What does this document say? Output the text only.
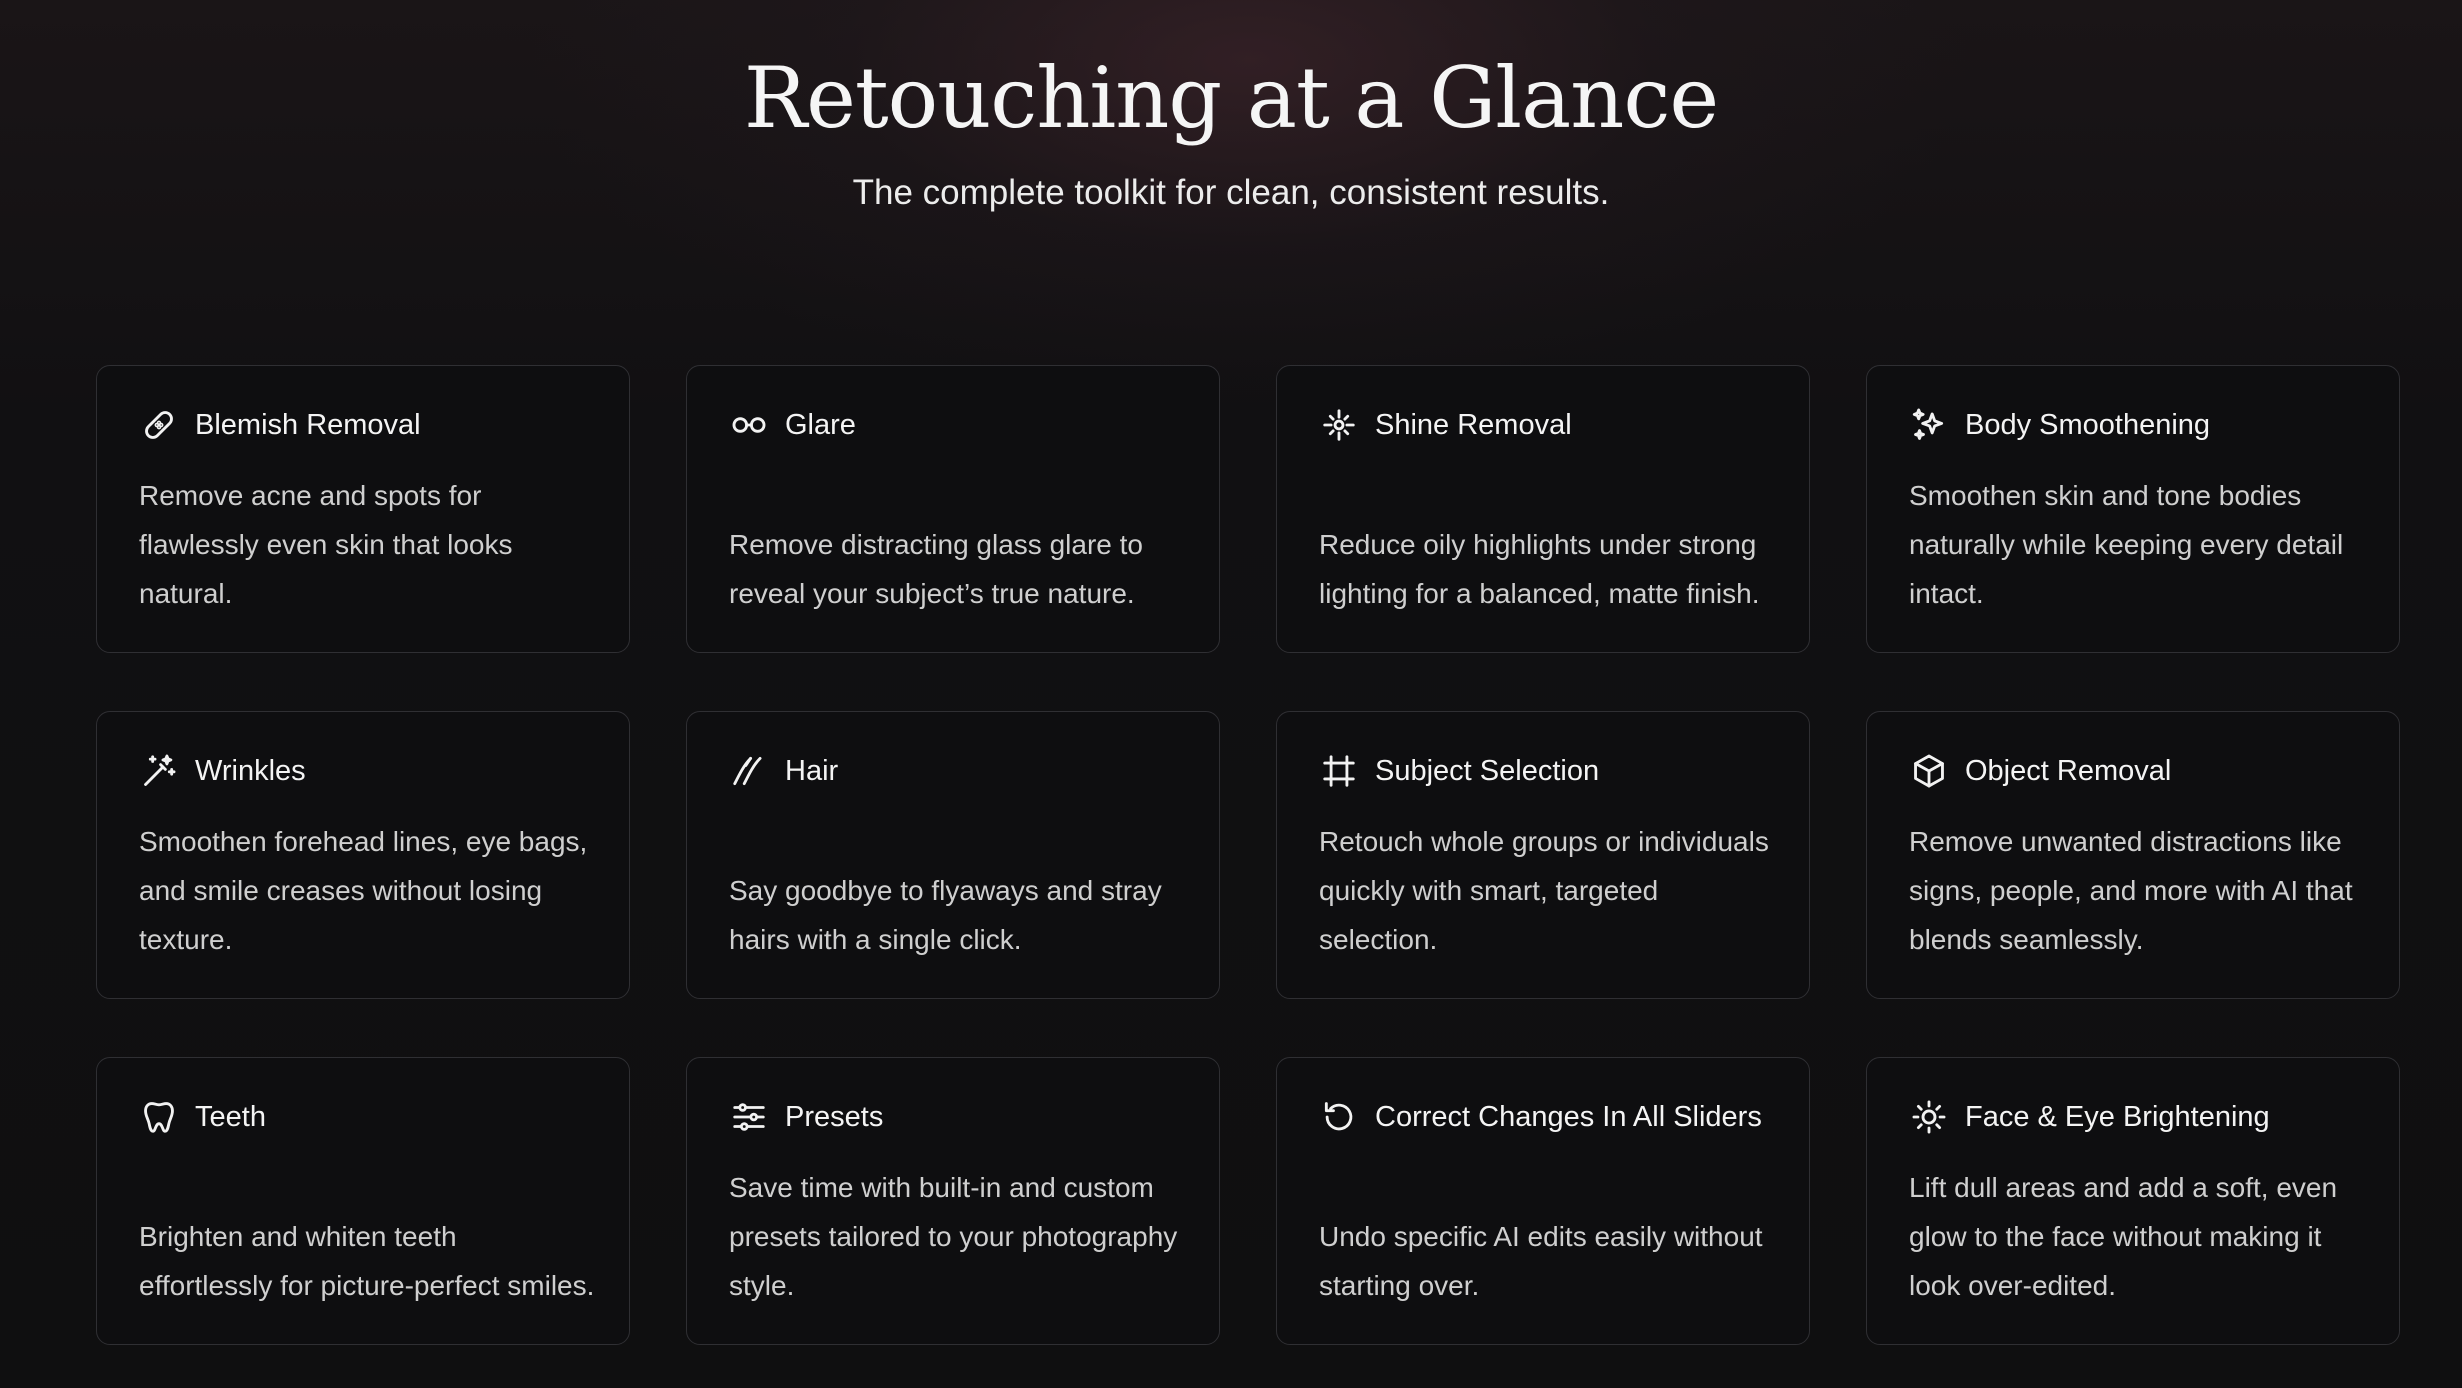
Retouching at a Glance

The complete toolkit for clean, consistent results.

Blemish Removal
Remove acne and spots for flawlessly even skin that looks natural.
Glare
Remove distracting glass glare to reveal your subject’s true nature.
Shine Removal
Reduce oily highlights under strong lighting for a balanced, matte finish.
Body Smoothening
Smoothen skin and tone bodies naturally while keeping every detail intact.
Wrinkles
Smoothen forehead lines, eye bags, and smile creases without losing texture.
Hair
Say goodbye to flyaways and stray hairs with a single click.
Subject Selection
Retouch whole groups or individuals quickly with smart, targeted selection.
Object Removal
Remove unwanted distractions like signs, people, and more with AI that blends seamlessly.
Teeth
Brighten and whiten teeth effortlessly for picture-perfect smiles.
Presets
Save time with built-in and custom presets tailored to your photography style.
Correct Changes In All Sliders
Undo specific AI edits easily without starting over.
Face & Eye Brightening
Lift dull areas and add a soft, even glow to the face without making it look over-edited.
